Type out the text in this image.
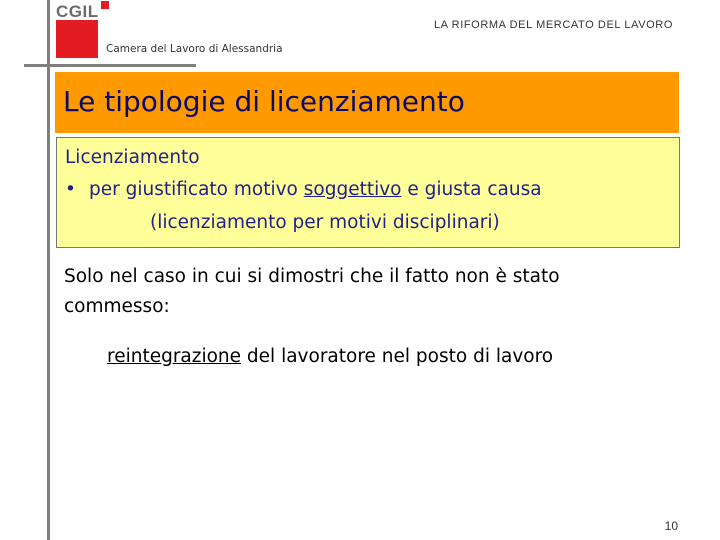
CGIL
LA RIFORMA DEL MERCATO DEL LAVORO
Camera del Lavoro di Alessandria
Le tipologie di licenziamento
Licenziamento
• per giustificato motivo soggettivo e giusta causa
(licenziamento per motivi disciplinari)
Solo nel caso in cui si dimostri che il fatto non è stato commesso:
reintegrazione del lavoratore nel posto di lavoro
10
